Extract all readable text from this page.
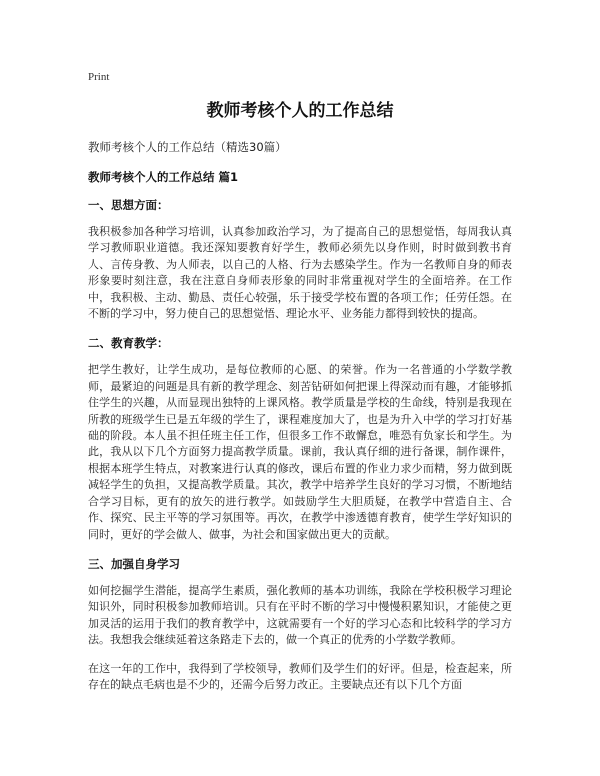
Print
教师考核个人的工作总结

教师考核个人的工作总结（精选30篇）

教师考核个人的工作总结 篇1
一、思想方面：

我积极参加各种学习培训，认真参加政治学习，为了提高自己的思想觉悟，每周我认真学习教师职业道德。我还深知要教育好学生，教师必须先以身作则，时时做到教书育人、言传身教、为人师表，以自己的人格、行为去感染学生。作为一名教师自身的师表形象要时刻注意，我在注意自身师表形象的同时非常重视对学生的全面培养。在工作中，我积极、主动、勤恳、责任心较强，乐于接受学校布置的各项工作；任劳任怨。在不断的学习中，努力使自己的思想觉悟、理论水平、业务能力都得到较快的提高。

二、教育教学：

把学生教好，让学生成功，是每位教师的心愿、的荣誉。作为一名普通的小学数学教师，最紧迫的问题是具有新的教学理念、刻苦钻研如何把课上得深动而有趣，才能够抓住学生的兴趣，从而显现出独特的上课风格。教学质量是学校的生命线，特别是我现在所教的班级学生已是五年级的学生了，课程难度加大了，也是为升入中学的学习打好基础的阶段。本人虽不担任班主任工作，但很多工作不敢懈怠，唯恐有负家长和学生。为此，我从以下几个方面努力提高教学质量。课前，我认真仔细的进行备课，制作课件，根据本班学生特点，对教案进行认真的修改，课后布置的作业力求少而精，努力做到既减轻学生的负担，又提高教学质量。其次，教学中培养学生良好的学习习惯，不断地结合学习目标，更有的放矢的进行教学。如鼓励学生大胆质疑，在教学中营造自主、合作、探究、民主平等的学习氛围等。再次，在教学中渗透德育教育，使学生学好知识的同时，更好的学会做人、做事，为社会和国家做出更大的贡献。

三、加强自身学习

如何挖掘学生潜能，提高学生素质，强化教师的基本功训练，我除在学校积极学习理论知识外，同时积极参加教师培训。只有在平时不断的学习中慢慢积累知识，才能使之更加灵活的运用于我们的教育教学中，这就需要有一个好的学习心态和比较科学的学习方法。我想我会继续延着这条路走下去的，做一个真正的优秀的小学数学教师。

在这一年的工作中，我得到了学校领导，教师们及学生们的好评。但是，检查起来，所存在的缺点毛病也是不少的，还需今后努力改正。主要缺点还有以下几个方面
